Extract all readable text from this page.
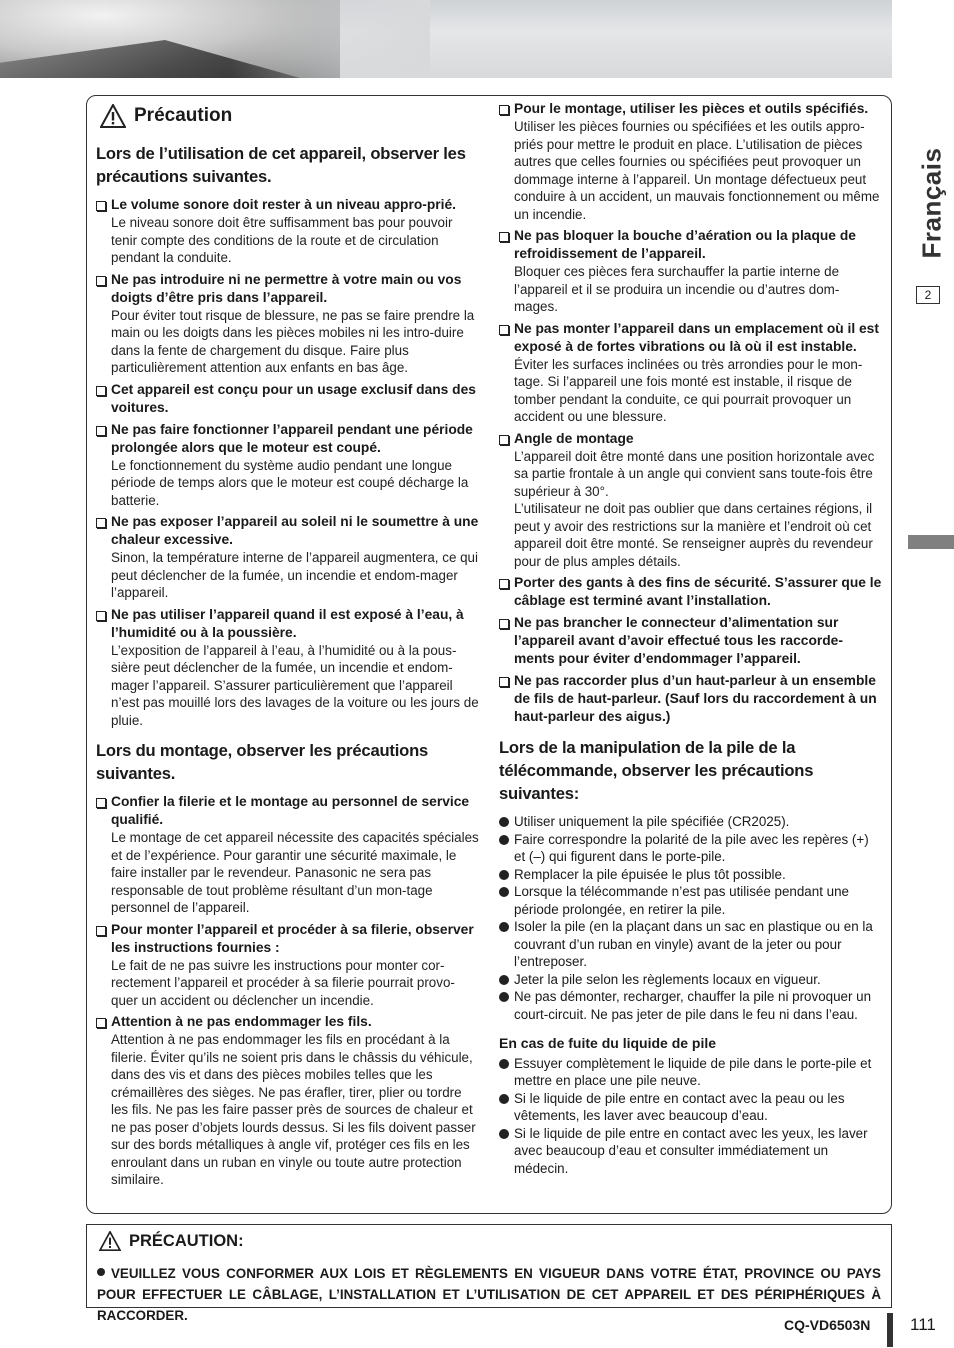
Français
2
Précaution
Lors de l’utilisation de cet appareil, observer les précautions suivantes.
Le volume sonore doit rester à un niveau appro-prié.
Le niveau sonore doit être suffisamment bas pour pouvoir tenir compte des conditions de la route et de circulation pendant la conduite.
Ne pas introduire ni ne permettre à votre main ou vos doigts d’être pris dans l’appareil.
Pour éviter tout risque de blessure, ne pas se faire prendre la main ou les doigts dans les pièces mobiles ni les intro-duire dans la fente de chargement du disque. Faire plus particulièrement attention aux enfants en bas âge.
Cet appareil est conçu pour un usage exclusif dans des voitures.
Ne pas faire fonctionner l’appareil pendant une période prolongée alors que le moteur est coupé.
Le fonctionnement du système audio pendant une longue période de temps alors que le moteur est coupé décharge la batterie.
Ne pas exposer l’appareil au soleil ni le soumettre à une chaleur excessive.
Sinon, la température interne de l’appareil augmentera, ce qui peut déclencher de la fumée, un incendie et endom-mager l’appareil.
Ne pas utiliser l’appareil quand il est exposé à l’eau, à l’humidité ou à la poussière.
L’exposition de l’appareil à l’eau, à l’humidité ou à la pous-sière peut déclencher de la fumée, un incendie et endom-mager l’appareil. S’assurer particulièrement que l’appareil n’est pas mouillé lors des lavages de la voiture ou les jours de pluie.
Lors du montage, observer les précautions suivantes.
Confier la filerie et le montage au personnel de service qualifié.
Le montage de cet appareil nécessite des capacités spéciales et de l’expérience. Pour garantir une sécurité maximale, le faire installer par le revendeur. Panasonic ne sera pas responsable de tout problème résultant d’un mon-tage personnel de l’appareil.
Pour monter l’appareil et procéder à sa filerie, observer les instructions fournies :
Le fait de ne pas suivre les instructions pour monter cor-rectement l’appareil et procéder à sa filerie pourrait provo-quer un accident ou déclencher un incendie.
Attention à ne pas endommager les fils.
Attention à ne pas endommager les fils en procédant à la filerie. Éviter qu’ils ne soient pris dans le châssis du véhicule, dans des vis et dans des pièces mobiles telles que les crémaillères des sièges. Ne pas érafler, tirer, plier ou tordre les fils. Ne pas les faire passer près de sources de chaleur et ne pas poser d’objets lourds dessus. Si les fils doivent passer sur des bords métalliques à angle vif, protéger ces fils en les enroulant dans un ruban en vinyle ou toute autre protection similaire.
Pour le montage, utiliser les pièces et outils spécifiés.
Utiliser les pièces fournies ou spécifiées et les outils appro-priés pour mettre le produit en place. L’utilisation de pièces autres que celles fournies ou spécifiées peut provoquer un dommage interne à l’appareil. Un montage défectueux peut conduire à un accident, un mauvais fonctionnement ou même un incendie.
Ne pas bloquer la bouche d’aération ou la plaque de refroidissement de l’appareil.
Bloquer ces pièces fera surchauffer la partie interne de l’appareil et il se produira un incendie ou d’autres dom-mages.
Ne pas monter l’appareil dans un emplacement où il est exposé à de fortes vibrations ou là où il est instable.
Éviter les surfaces inclinées ou très arrondies pour le mon-tage. Si l’appareil une fois monté est instable, il risque de tomber pendant la conduite, ce qui pourrait provoquer un accident ou une blessure.
Angle de montage
L’appareil doit être monté dans une position horizontale avec sa partie frontale à un angle qui convient sans toute-fois être supérieur à 30°.
L’utilisateur ne doit pas oublier que dans certaines régions, il peut y avoir des restrictions sur la manière et l’endroit où cet appareil doit être monté. Se renseigner auprès du revendeur pour de plus amples détails.
Porter des gants à des fins de sécurité. S’assurer que le câblage est terminé avant l’installation.
Ne pas brancher le connecteur d’alimentation sur l’appareil avant d’avoir effectué tous les raccorde-ments pour éviter d’endommager l’appareil.
Ne pas raccorder plus d’un haut-parleur à un ensemble de fils de haut-parleur. (Sauf lors du raccordement à un haut-parleur des aigus.)
Lors de la manipulation de la pile de la télécommande, observer les précautions suivantes:
Utiliser uniquement la pile spécifiée (CR2025).
Faire correspondre la polarité de la pile avec les repères (+) et (–) qui figurent dans le porte-pile.
Remplacer la pile épuisée le plus tôt possible.
Lorsque la télécommande n’est pas utilisée pendant une période prolongée, en retirer la pile.
Isoler la pile (en la plaçant dans un sac en plastique ou en la couvrant d’un ruban en vinyle) avant de la jeter ou pour l’entreposer.
Jeter la pile selon les règlements locaux en vigueur.
Ne pas démonter, recharger, chauffer la pile ni provoquer un court-circuit. Ne pas jeter de pile dans le feu ni dans l’eau.
En cas de fuite du liquide de pile
Essuyer complètement le liquide de pile dans le porte-pile et mettre en place une pile neuve.
Si le liquide de pile entre en contact avec la peau ou les vêtements, les laver avec beaucoup d’eau.
Si le liquide de pile entre en contact avec les yeux, les laver avec beaucoup d’eau et consulter immédiatement un médecin.
PRÉCAUTION:
VEUILLEZ VOUS CONFORMER AUX LOIS ET RÈGLEMENTS EN VIGUEUR DANS VOTRE ÉTAT, PROVINCE OU PAYS POUR EFFECTUER LE CÂBLAGE, L’INSTALLATION ET L’UTILISATION DE CET APPAREIL ET DES PÉRIPHÉRIQUES À RACCORDER.
CQ-VD6503N 111
